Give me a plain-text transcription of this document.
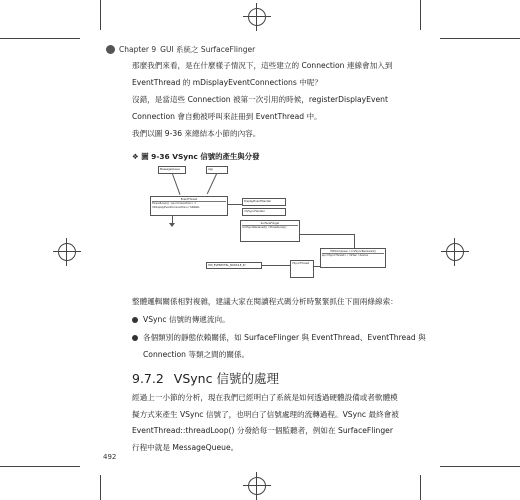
Chapter 9 GUI 系統之 SurfaceFlinger
那麼我們來看，是在什麼樣子情況下，這些建立的 Connection 連線會加入到 EventThread 的 mDisplayEventConnections 中呢？
沒錯，是當這些 Connection 被第一次引用的時候，registerDisplayEvent Connection 會自動被呼叫來註冊到 EventThread 中。
我們以圖 9-36 來總結本小節的內容。
❖ 圖 9-36 VSync 信號的產生與分發
MessageQueue	App
EventThread
threadLoop() : sp<Connection> = mDisplayEventConnections / SIGNAL
DisplayEventHandler
mVSyncHandler
SurfaceFlinger
onVSyncReceived() / threadLoop()
HWComposer / onVSyncReceived()
sp<VSyncThread> / mHwc / device
HW_EVENTCTRL_MODULE_ID
VSyncThread
整體邏輯關係相對複雜，建議大家在閱讀程式碼分析時緊緊抓住下面兩條線索：
VSync 信號的傳遞流向。
各個類別的靜態依賴關係，如 SurfaceFlinger 與 EventThread、EventThread 與
Connection 等類之間的關係。
9.7.2 VSync 信號的處理
經過上一小節的分析，現在我們已經明白了系統是如何透過硬體設備或者軟體模擬方式來產生 VSync 信號了，也明白了信號處理的流轉過程。VSync 最終會被 EventThread::threadLoop() 分發給每一個監聽者，例如在 SurfaceFlinger 行程中就是 MessageQueue。
492
